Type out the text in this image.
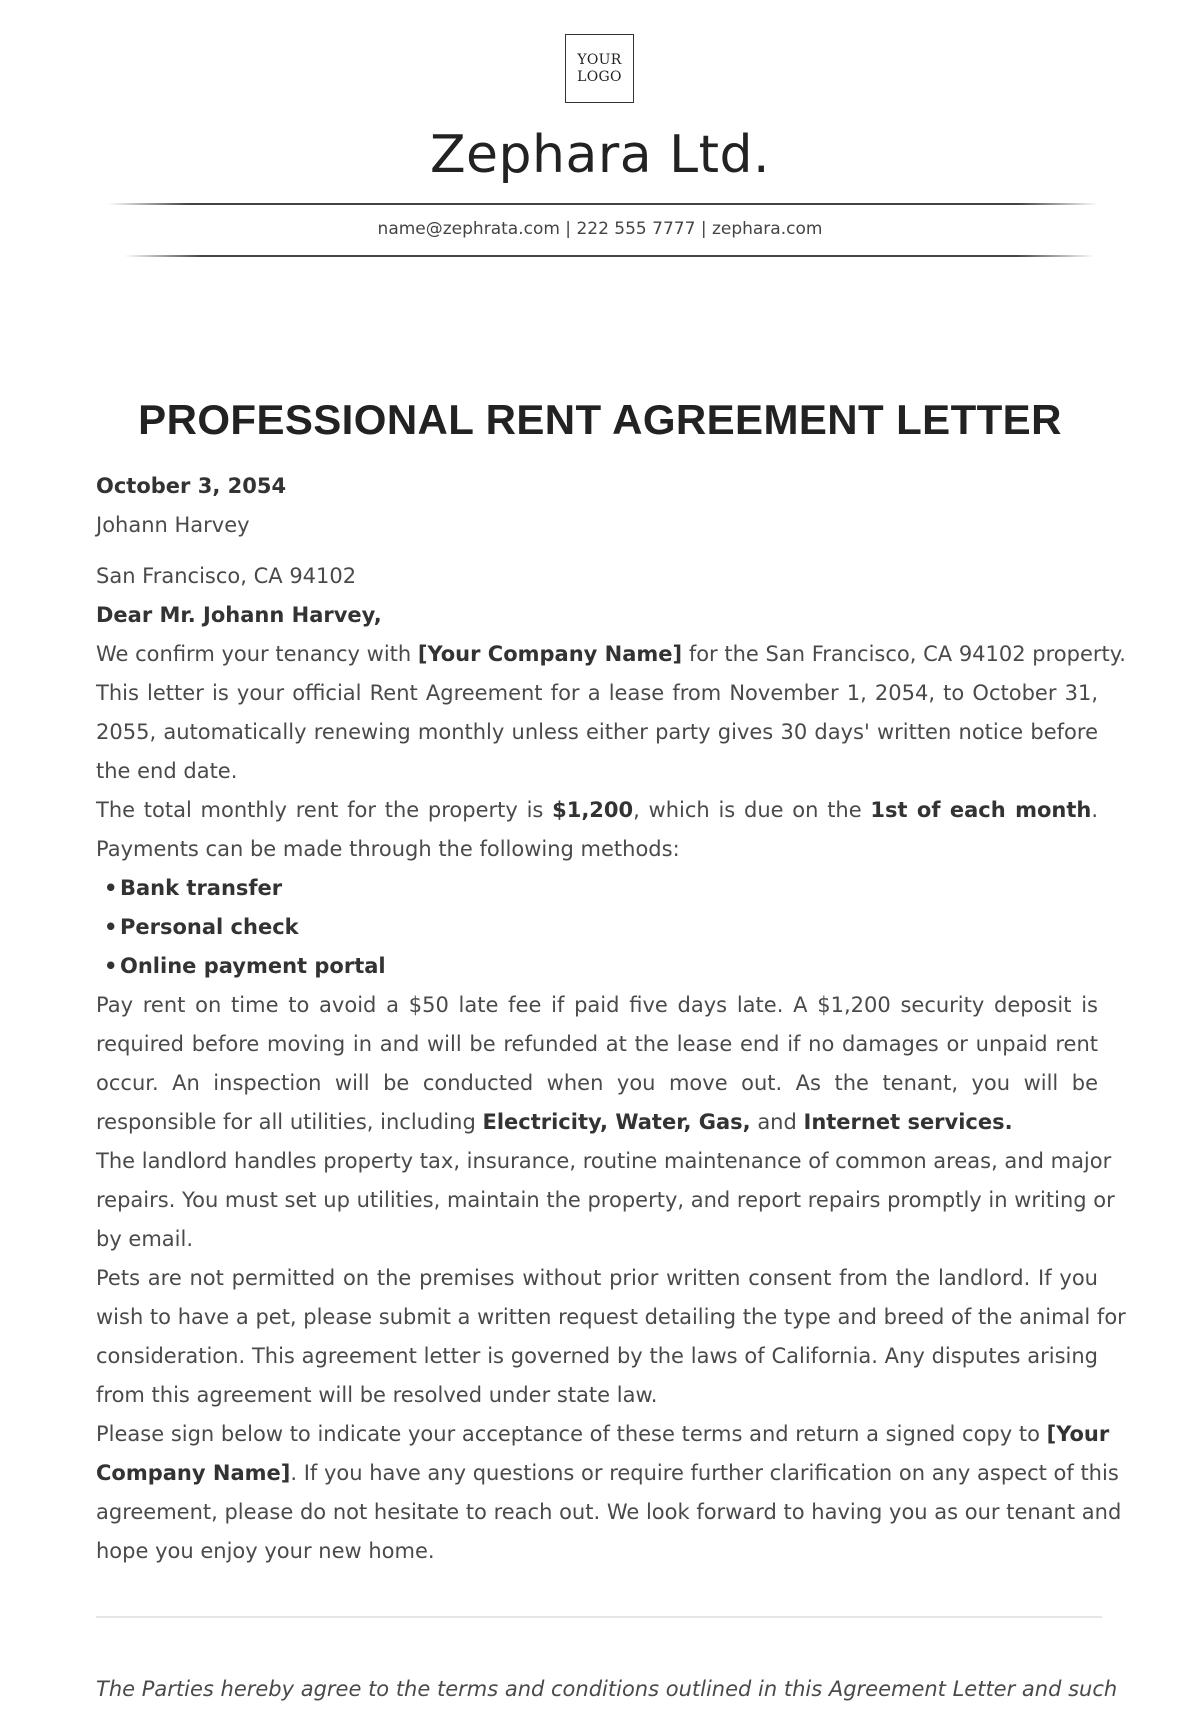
YOUR
LOGO
Zephara Ltd.
name@zephrata.com | 222 555 7777 | zephara.com
PROFESSIONAL RENT AGREEMENT LETTER
October 3, 2054
Johann Harvey
San Francisco, CA 94102
Dear Mr. Johann Harvey,
We confirm your tenancy with [Your Company Name] for the San Francisco, CA 94102 property.
This letter is your official Rent Agreement for a lease from November 1, 2054, to October 31,
2055, automatically renewing monthly unless either party gives 30 days' written notice before
the end date.
The total monthly rent for the property is $1,200, which is due on the 1st of each month.
Payments can be made through the following methods:
• Bank transfer
• Personal check
• Online payment portal
Pay rent on time to avoid a $50 late fee if paid five days late. A $1,200 security deposit is
required before moving in and will be refunded at the lease end if no damages or unpaid rent
occur. An inspection will be conducted when you move out. As the tenant, you will be
responsible for all utilities, including Electricity, Water, Gas, and Internet services.
The landlord handles property tax, insurance, routine maintenance of common areas, and major
repairs. You must set up utilities, maintain the property, and report repairs promptly in writing or
by email.
Pets are not permitted on the premises without prior written consent from the landlord. If you
wish to have a pet, please submit a written request detailing the type and breed of the animal for
consideration. This agreement letter is governed by the laws of California. Any disputes arising
from this agreement will be resolved under state law.
Please sign below to indicate your acceptance of these terms and return a signed copy to [Your
Company Name]. If you have any questions or require further clarification on any aspect of this
agreement, please do not hesitate to reach out. We look forward to having you as our tenant and
hope you enjoy your new home.
The Parties hereby agree to the terms and conditions outlined in this Agreement Letter and such
